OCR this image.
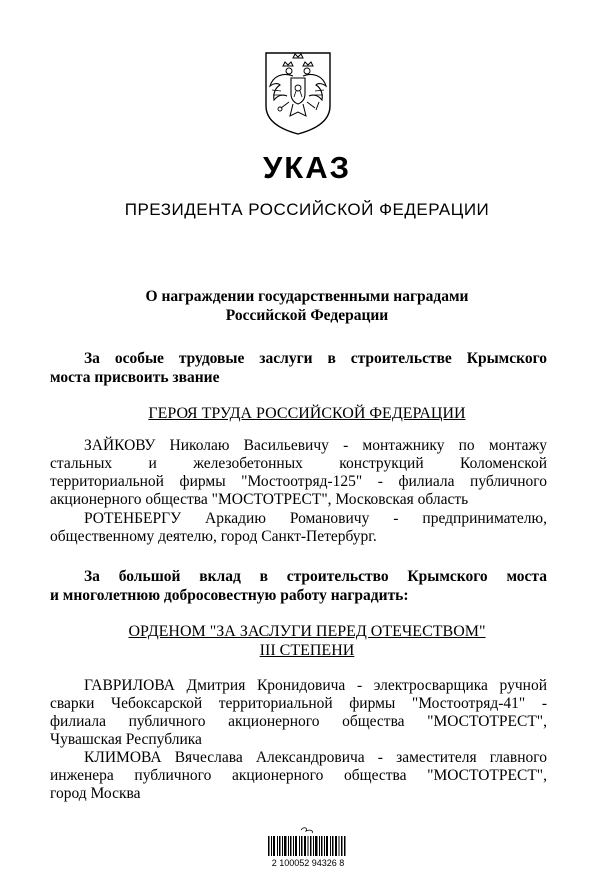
УКАЗ
ПРЕЗИДЕНТА РОССИЙСКОЙ ФЕДЕРАЦИИ
О награждении государственными наградами
Российской Федерации
За особые трудовые заслуги в строительстве Крымского
моста присвоить звание
ГЕРОЯ ТРУДА РОССИЙСКОЙ ФЕДЕРАЦИИ
ЗАЙКОВУ Николаю Васильевичу - монтажнику по монтажу
стальных и железобетонных конструкций Коломенской
территориальной фирмы "Мостоотряд-125" - филиала публичного
акционерного общества "МОСТОТРЕСТ", Московская область
РОТЕНБЕРГУ Аркадию Романовичу - предпринимателю,
общественному деятелю, город Санкт-Петербург.
За большой вклад в строительство Крымского моста
и многолетнюю добросовестную работу наградить:
ОРДЕНОМ "ЗА ЗАСЛУГИ ПЕРЕД ОТЕЧЕСТВОМ"
III СТЕПЕНИ
ГАВРИЛОВА Дмитрия Кронидовича - электросварщика ручной
сварки Чебоксарской территориальной фирмы "Мостоотряд-41" -
филиала публичного акционерного общества "МОСТОТРЕСТ",
Чувашская Республика
КЛИМОВА Вячеслава Александровича - заместителя главного
инженера публичного акционерного общества "МОСТОТРЕСТ",
город Москва
2 100052 94326 8
